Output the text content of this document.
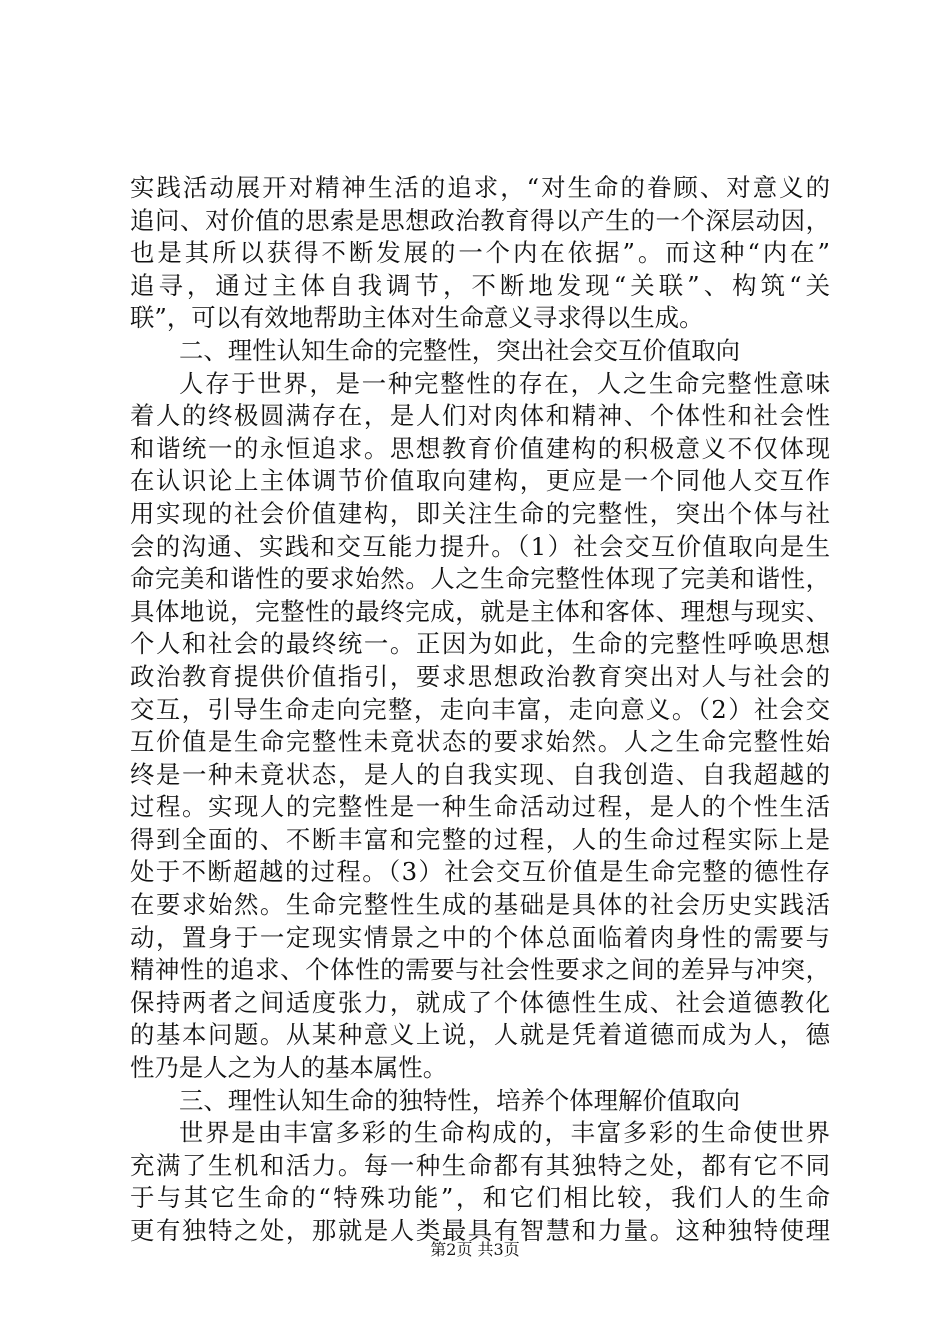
实践活动展开对精神生活的追求，“对生命的眷顾、对意义的
追问、对价值的思索是思想政治教育得以产生的一个深层动因，
也是其所以获得不断发展的一个内在依据”。而这种“内在”
追寻，通过主体自我调节，不断地发现“关联”、构筑“关
联”，可以有效地帮助主体对生命意义寻求得以生成。
二、理性认知生命的完整性，突出社会交互价值取向
人存于世界，是一种完整性的存在，人之生命完整性意味
着人的终极圆满存在，是人们对肉体和精神、个体性和社会性
和谐统一的永恒追求。思想教育价值建构的积极意义不仅体现
在认识论上主体调节价值取向建构，更应是一个同他人交互作
用实现的社会价值建构，即关注生命的完整性，突出个体与社
会的沟通、实践和交互能力提升。（1）社会交互价值取向是生
命完美和谐性的要求始然。人之生命完整性体现了完美和谐性，
具体地说，完整性的最终完成，就是主体和客体、理想与现实、
个人和社会的最终统一。正因为如此，生命的完整性呼唤思想
政治教育提供价值指引，要求思想政治教育突出对人与社会的
交互，引导生命走向完整，走向丰富，走向意义。（2）社会交
互价值是生命完整性未竟状态的要求始然。人之生命完整性始
终是一种未竟状态，是人的自我实现、自我创造、自我超越的
过程。实现人的完整性是一种生命活动过程，是人的个性生活
得到全面的、不断丰富和完整的过程，人的生命过程实际上是
处于不断超越的过程。（3）社会交互价值是生命完整的德性存
在要求始然。生命完整性生成的基础是具体的社会历史实践活
动，置身于一定现实情景之中的个体总面临着肉身性的需要与
精神性的追求、个体性的需要与社会性要求之间的差异与冲突，
保持两者之间适度张力，就成了个体德性生成、社会道德教化
的基本问题。从某种意义上说，人就是凭着道德而成为人，德
性乃是人之为人的基本属性。
三、理性认知生命的独特性，培养个体理解价值取向
世界是由丰富多彩的生命构成的，丰富多彩的生命使世界
充满了生机和活力。每一种生命都有其独特之处，都有它不同
于与其它生命的“特殊功能”，和它们相比较，我们人的生命
更有独特之处，那就是人类最具有智慧和力量。这种独特使理
第2页 共3页
